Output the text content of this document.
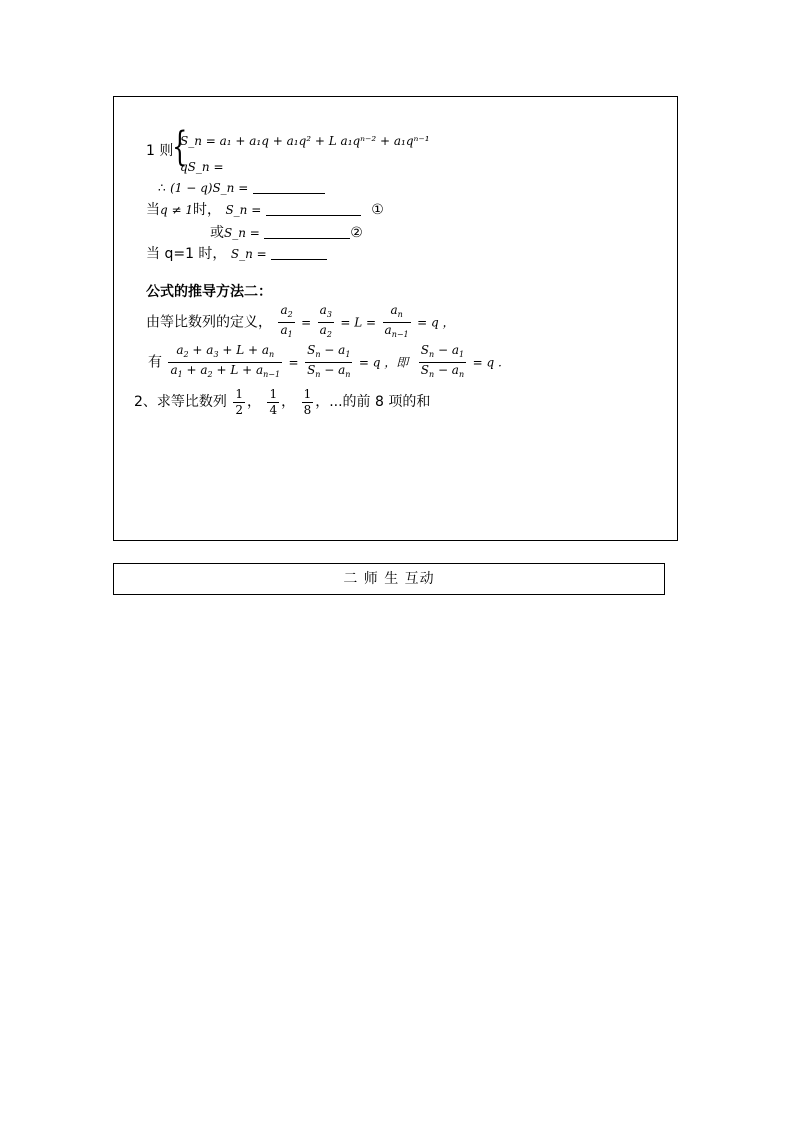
1 则
{
S_n = a₁ + a₁q + a₁q² + L a₁qⁿ⁻² + a₁qⁿ⁻¹
qS_n =
∴ (1 − q)S_n =
当q ≠ 1时， S_n =	①
或S_n =	②
当 q=1 时， S_n =
公式的推导方法二：
由等比数列的定义， $\frac{a_2}{a_1} = \frac{a_3}{a_2} = L = \frac{a_n}{a_{n-1}} = q$ ，
有 $\frac{a_2 + a_3 + L + a_n}{a_1 + a_2 + L + a_{n-1}} = \frac{S_n - a_1}{S_n - a_n} = q$ ，即 $\frac{S_n - a_1}{S_n - a_n} = q$ .
2、求等比数列 $\frac{1}{2}$ ， $\frac{1}{4}$ ， $\frac{1}{8}$ ，...的前 8 项的和
二 师 生 互动
